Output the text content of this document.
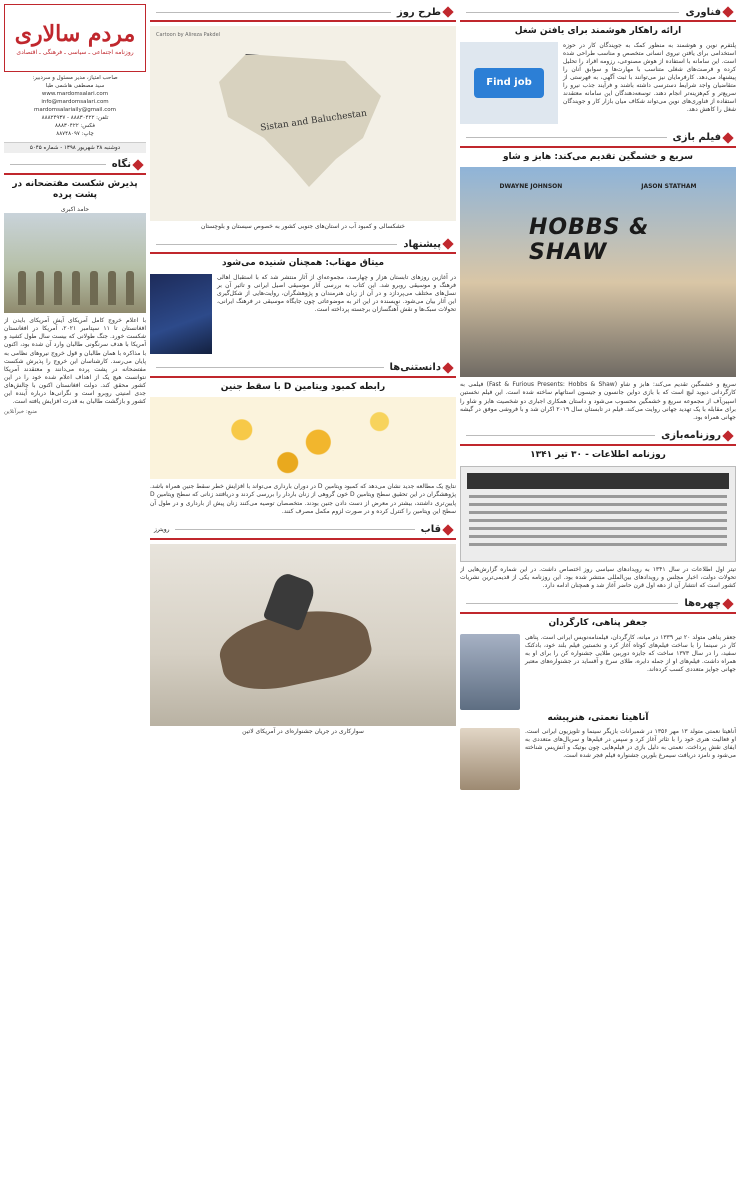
مردم سالاری
روزنامه اجتماعی ـ سیاسی ـ فرهنگی ـ اقتصادی
صاحب امتیاز، مدیر مسئول و سردبیر:
سید مصطفی هاشمی طبا
www.mardomsalari.com
info@mardomsalari.com
mardomsalariaily@gmail.com
تلفن: ۸۸۸۳۰۴۲۲ - ۸۸۸۲۴۹۳۷
فکس: ۸۸۸۳۰۴۲۲
چاپ: ۸۸۷۴۸۰۹۷
دوشنبه ۲۸ شهریور ۱۳۹۸ - شماره ۵۰۴۵
نگاه
پذیرش شکست مفتضحانه در پشت پرده
حامد اکبری
با اعلام خروج کامل آمریکای آیش آمریکای بایدن از افغانستان تا ۱۱ سپتامبر ۲۰۲۱، آمریکا در افغانستان شکست خورد. جنگ طولانی که بیست سال طول کشید و آمریکا با هدف سرنگونی طالبان وارد آن شده بود، اکنون با مذاکره با همان طالبان و قول خروج نیروهای نظامی به پایان می‌رسد. کارشناسان این خروج را پذیرش شکست مفتضحانه در پشت پرده می‌دانند و معتقدند آمریکا نتوانست هیچ یک از اهداف اعلام شده خود را در این کشور محقق کند. دولت افغانستان اکنون با چالش‌های جدی امنیتی روبرو است و نگرانی‌ها درباره آینده این کشور و بازگشت طالبان به قدرت افزایش یافته است.
منبع: خبرآنلاین
طرح روز
Cartoon by Alireza Pakdel
Sistan and Baluchestan
خشکسالی و کمبود آب در استان‌های جنوبی کشور به خصوص سیستان و بلوچستان
پیشنهاد
میتاق مهتاب: همچنان شنیده می‌شود
در آغازین روزهای تابستان هزار و چهارصد، مجموعه‌ای از آثار منتشر شد که با استقبال اهالی فرهنگ و موسیقی روبرو شد. این کتاب به بررسی آثار موسیقی اصیل ایرانی و تاثیر آن بر نسل‌های مختلف می‌پردازد و در آن از زبان هنرمندان و پژوهشگران، روایت‌هایی از شکل‌گیری این آثار بیان می‌شود. نویسنده در این اثر به موضوعاتی چون جایگاه موسیقی در فرهنگ ایرانی، تحولات سبک‌ها و نقش آهنگسازان برجسته پرداخته است.
دانستنی‌ها
رابطه کمبود ویتامین D با سقط جنین
نتایج یک مطالعه جدید نشان می‌دهد که کمبود ویتامین D در دوران بارداری می‌تواند با افزایش خطر سقط جنین همراه باشد. پژوهشگران در این تحقیق سطح ویتامین D خون گروهی از زنان باردار را بررسی کردند و دریافتند زنانی که سطح ویتامین D پایین‌تری داشتند، بیشتر در معرض از دست دادن جنین بودند. متخصصان توصیه می‌کنند زنان پیش از بارداری و در طول آن سطح این ویتامین را کنترل کرده و در صورت لزوم مکمل مصرف کنند.
قاب
رویترز
سوارکاری در جریان جشنواره‌ای در آمریکای لاتین
فناوری
ارائه راهکار هوشمند برای یافتن شغل
Find job
پلتفرم نوین و هوشمند به منظور کمک به جویندگان کار در حوزه استخدامی برای یافتن نیروی انسانی متخصص و مناسب طراحی شده است. این سامانه با استفاده از هوش مصنوعی، رزومه افراد را تحلیل کرده و فرصت‌های شغلی متناسب با مهارت‌ها و سوابق آنان را پیشنهاد می‌دهد. کارفرمایان نیز می‌توانند با ثبت آگهی، به فهرستی از متقاضیان واجد شرایط دسترسی داشته باشند و فرآیند جذب نیرو را سریع‌تر و کم‌هزینه‌تر انجام دهند. توسعه‌دهندگان این سامانه معتقدند استفاده از فناوری‌های نوین می‌تواند شکاف میان بازار کار و جویندگان شغل را کاهش دهد.
فیلم بازی
سریع و خشمگین تقدیم می‌کند: هابز و شاو
DWAYNE JOHNSON	JASON STATHAM
HOBBS & SHAW
سریع و خشمگین تقدیم می‌کند: هابز و شاو (Fast & Furious Presents: Hobbs & Shaw) فیلمی به کارگردانی دیوید لیچ است که با بازی دواین جانسون و جیسون استاتهام ساخته شده است. این فیلم نخستین اسپین‌آف از مجموعه سریع و خشمگین محسوب می‌شود و داستان همکاری اجباری دو شخصیت هابز و شاو را برای مقابله با یک تهدید جهانی روایت می‌کند. فیلم در تابستان سال ۲۰۱۹ اکران شد و با فروشی موفق در گیشه جهانی همراه بود.
روزنامه‌بازی
روزنامه اطلاعات - ۳۰ تیر ۱۳۴۱
تیتر اول اطلاعات در سال ۱۳۴۱ به رویدادهای سیاسی روز اختصاص داشت. در این شماره گزارش‌هایی از تحولات دولت، اخبار مجلس و رویدادهای بین‌المللی منتشر شده بود. این روزنامه یکی از قدیمی‌ترین نشریات کشور است که انتشار آن از دهه اول قرن حاضر آغاز شد و همچنان ادامه دارد.
چهره‌ها
جعفر پناهی، کارگردان
جعفر پناهی متولد ۲۰ تیر ۱۳۳۹ در میانه، کارگردان، فیلمنامه‌نویس ایرانی است. پناهی کار در سینما را با ساخت فیلم‌های کوتاه آغاز کرد و نخستین فیلم بلند خود، بادکنک سفید، را در سال ۱۳۷۳ ساخت که جایزه دوربین طلایی جشنواره کن را برای او به همراه داشت. فیلم‌های او از جمله دایره، طلای سرخ و آفساید در جشنواره‌های معتبر جهانی جوایز متعددی کسب کرده‌اند.
آناهیتا نعمتی، هنرپیشه
آناهیتا نعمتی متولد ۱۳ مهر ۱۳۵۶ در شمیرانات بازیگر سینما و تلویزیون ایرانی است. او فعالیت هنری خود را با تئاتر آغاز کرد و سپس در فیلم‌ها و سریال‌های متعددی به ایفای نقش پرداخت. نعمتی به دلیل بازی در فیلم‌هایی چون بوتیک و آتش‌بس شناخته می‌شود و نامزد دریافت سیمرغ بلورین جشنواره فیلم فجر شده است.
